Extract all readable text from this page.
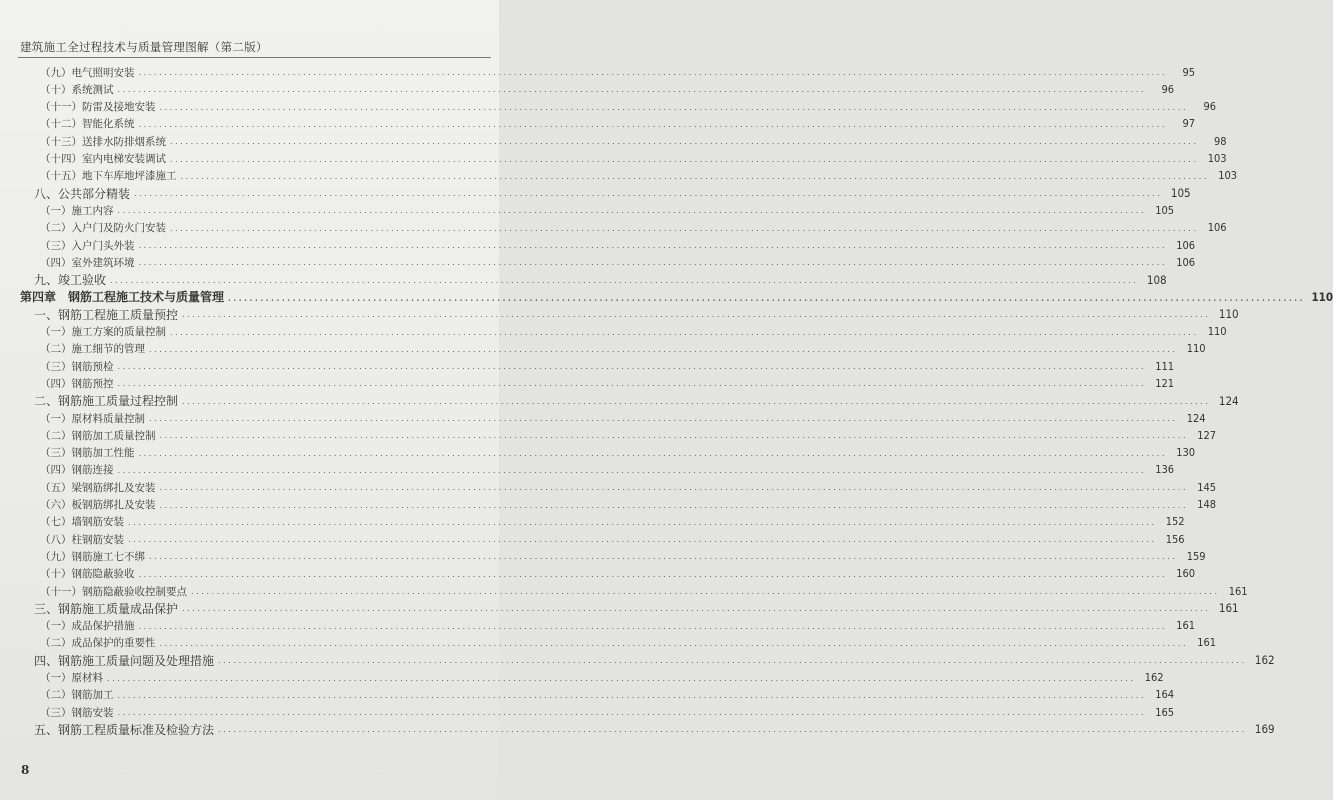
建筑施工全过程技术与质量管理图解（第二版）
（九）电气照明安装 ........................................................................................................................................................................................................	95
（十）系统测试 ........................................................................................................................................................................................................	96
（十一）防雷及接地安装 ........................................................................................................................................................................................................	96
（十二）智能化系统 ........................................................................................................................................................................................................	97
（十三）送排水防排烟系统 ........................................................................................................................................................................................................	98
（十四）室内电梯安装调试 ........................................................................................................................................................................................................ 103
（十五）地下车库地坪漆施工 ........................................................................................................................................................................................................ 103
八、公共部分精装 ........................................................................................................................................................................................................ 105
（一）施工内容 ........................................................................................................................................................................................................ 105
（二）入户门及防火门安装 ........................................................................................................................................................................................................ 106
（三）入户门头外装 ........................................................................................................................................................................................................ 106
（四）室外建筑环境 ........................................................................................................................................................................................................ 106
九、竣工验收 ........................................................................................................................................................................................................ 108
第四章　钢筋工程施工技术与质量管理 ........................................................................................................................................................................................................ 110
一、钢筋工程施工质量预控 ........................................................................................................................................................................................................ 110
（一）施工方案的质量控制 ........................................................................................................................................................................................................ 110
（二）施工细节的管理 ........................................................................................................................................................................................................ 110
（三）钢筋预检 ........................................................................................................................................................................................................ 111
（四）钢筋预控 ........................................................................................................................................................................................................ 121
二、钢筋施工质量过程控制 ........................................................................................................................................................................................................ 124
（一）原材料质量控制 ........................................................................................................................................................................................................ 124
（二）钢筋加工质量控制 ........................................................................................................................................................................................................ 127
（三）钢筋加工性能 ........................................................................................................................................................................................................ 130
（四）钢筋连接 ........................................................................................................................................................................................................ 136
（五）梁钢筋绑扎及安装 ........................................................................................................................................................................................................ 145
（六）板钢筋绑扎及安装 ........................................................................................................................................................................................................ 148
（七）墙钢筋安装 ........................................................................................................................................................................................................ 152
（八）柱钢筋安装 ........................................................................................................................................................................................................ 156
（九）钢筋施工七不绑 ........................................................................................................................................................................................................ 159
（十）钢筋隐蔽验收 ........................................................................................................................................................................................................ 160
（十一）钢筋隐蔽验收控制要点 ........................................................................................................................................................................................................ 161
三、钢筋施工质量成品保护 ........................................................................................................................................................................................................ 161
（一）成品保护措施 ........................................................................................................................................................................................................ 161
（二）成品保护的重要性 ........................................................................................................................................................................................................ 161
四、钢筋施工质量问题及处理措施 ........................................................................................................................................................................................................ 162
（一）原材料 ........................................................................................................................................................................................................ 162
（二）钢筋加工 ........................................................................................................................................................................................................ 164
（三）钢筋安装 ........................................................................................................................................................................................................ 165
五、钢筋工程质量标准及检验方法 ........................................................................................................................................................................................................ 169
8
